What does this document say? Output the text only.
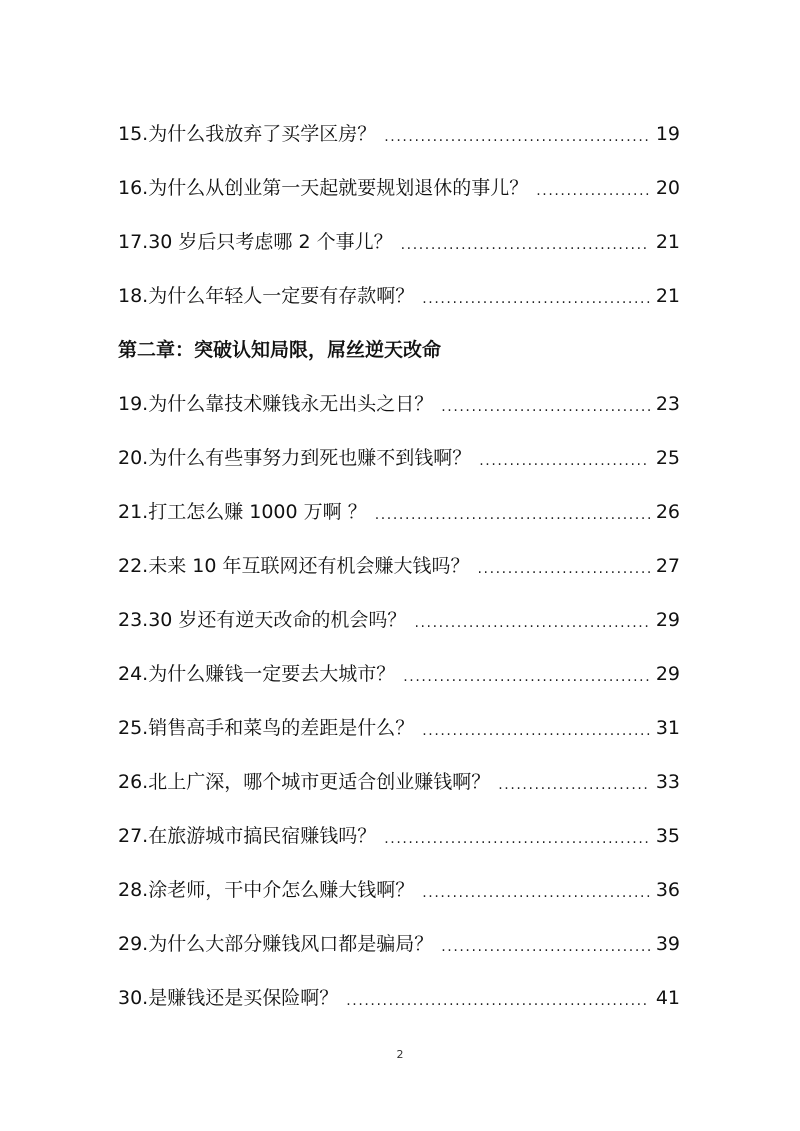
15.为什么我放弃了买学区房？ .....	19
16.为什么从创业第一天起就要规划退休的事儿？ .....	20
17.30 岁后只考虑哪 2 个事儿？ .....	21
18.为什么年轻人一定要有存款啊？ .....	21
第二章：突破认知局限，屌丝逆天改命
19.为什么靠技术赚钱永无出头之日？ .....	23
20.为什么有些事努力到死也赚不到钱啊？ .....	25
21.打工怎么赚 1000 万啊 ？ .....	26
22.未来 10 年互联网还有机会赚大钱吗？ .....	27
23.30 岁还有逆天改命的机会吗？ .....	29
24.为什么赚钱一定要去大城市？ .....	29
25.销售高手和菜鸟的差距是什么？ .....	31
26.北上广深，哪个城市更适合创业赚钱啊？ .....	33
27.在旅游城市搞民宿赚钱吗？ .....	35
28.涂老师，干中介怎么赚大钱啊？ .....	36
29.为什么大部分赚钱风口都是骗局？ .....	39
30.是赚钱还是买保险啊？ .....	41
2
